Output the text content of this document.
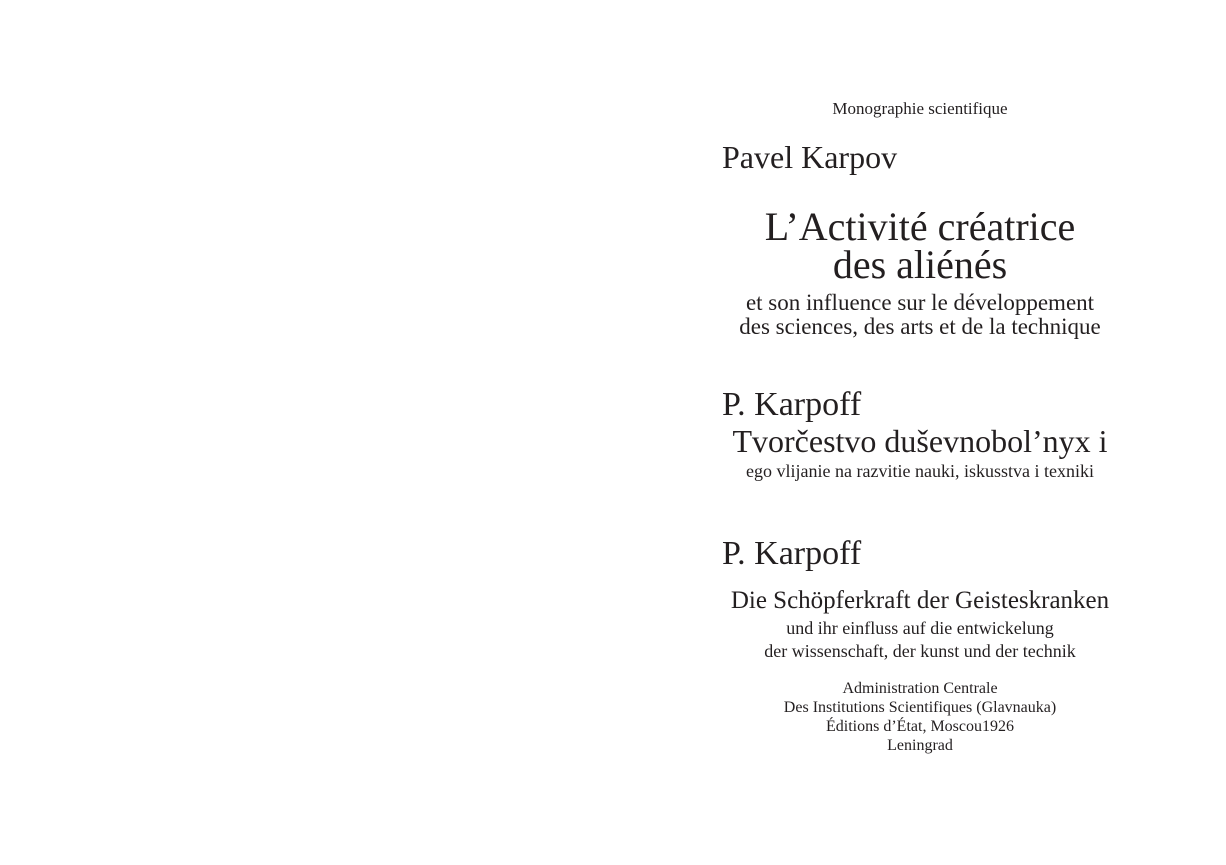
Monographie scientifique
Pavel Karpov
L’Activité créatrice
des aliénés
et son influence sur le développement
des sciences, des arts et de la technique
P. Karpoff
Tvorčestvo duševnobol’nyx i
ego vlijanie na razvitie nauki, iskusstva i texniki
P. Karpoff
Die Schöpferkraft der Geisteskranken
und ihr einfluss auf die entwickelung
der wissenschaft, der kunst und der technik
Administration Centrale
Des Institutions Scientifiques (Glavnauka)
Éditions d’État, Moscou1926
Leningrad
